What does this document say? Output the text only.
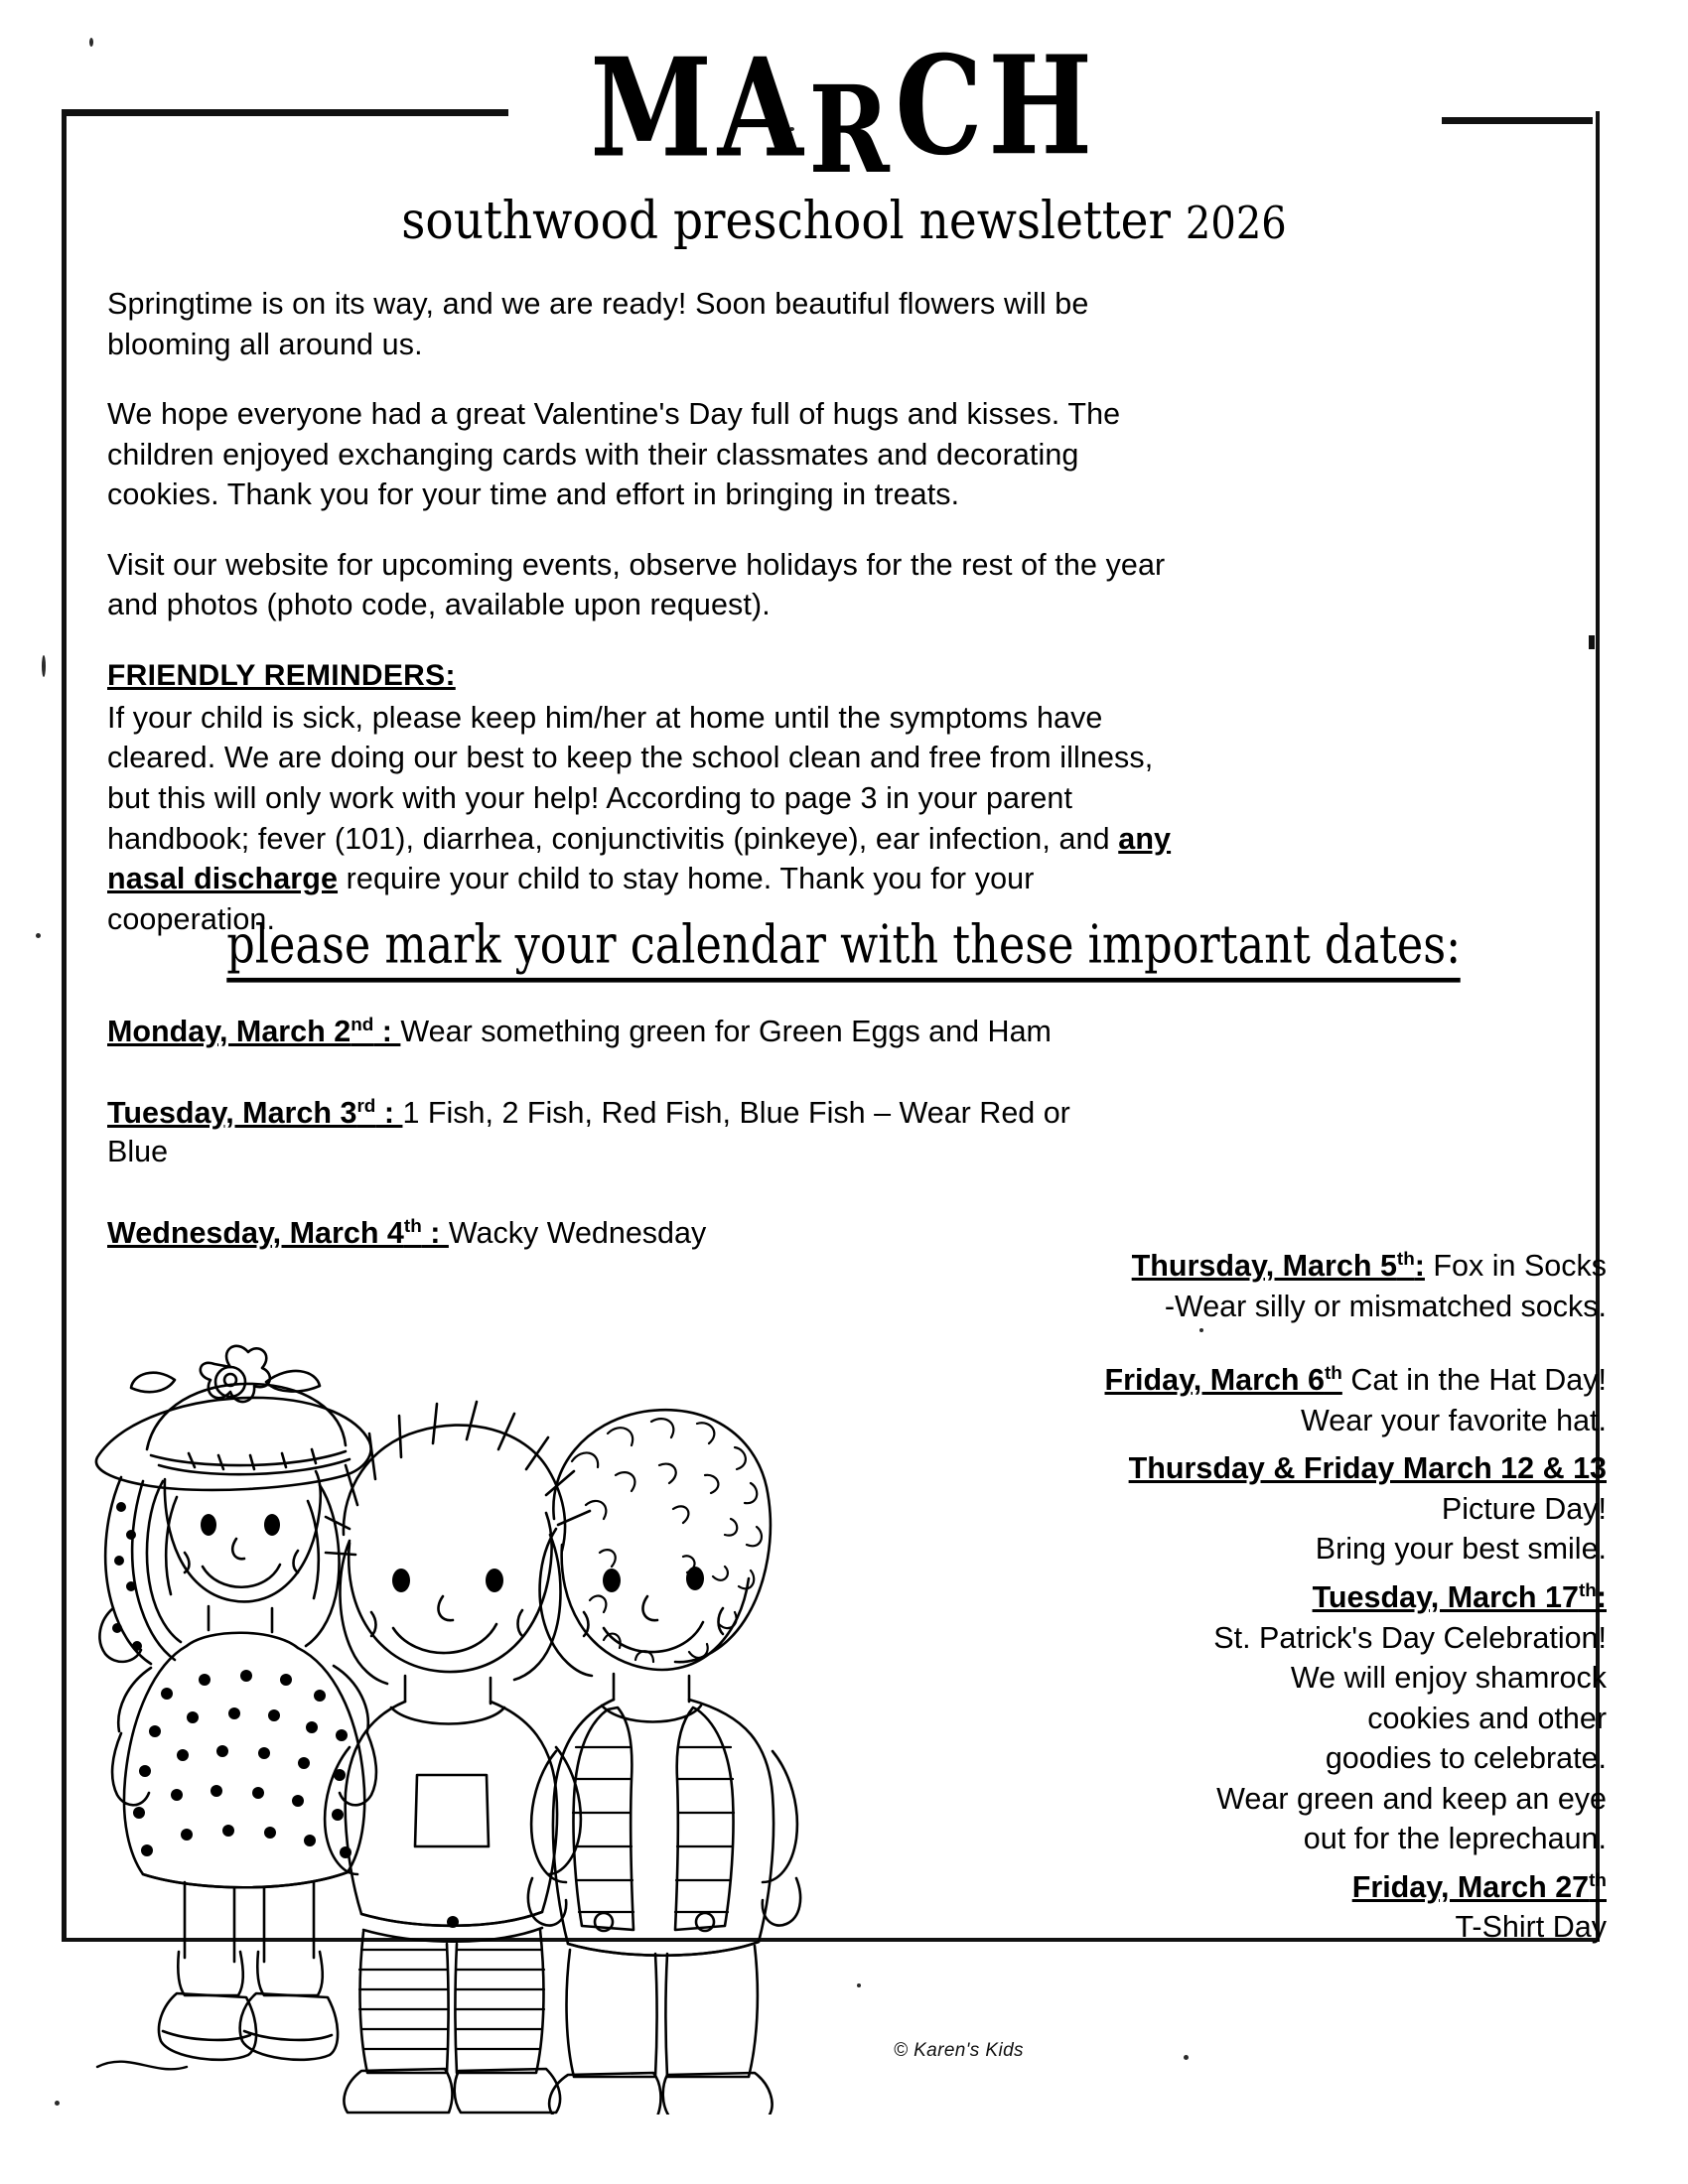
MARCH
southwood preschool newsletter 2026

Springtime is on its way, and we are ready! Soon beautiful flowers will be blooming all around us.

We hope everyone had a great Valentine's Day full of hugs and kisses. The children enjoyed exchanging cards with their classmates and decorating cookies. Thank you for your time and effort in bringing in treats.

Visit our website for upcoming events, observe holidays for the rest of the year and photos (photo code, available upon request).

FRIENDLY REMINDERS:
If your child is sick, please keep him/her at home until the symptoms have cleared. We are doing our best to keep the school clean and free from illness, but this will only work with your help! According to page 3 in your parent handbook; fever (101), diarrhea, conjunctivitis (pinkeye), ear infection, and any nasal discharge require your child to stay home. Thank you for your cooperation.

please mark your calendar with these important dates:
Monday, March 2nd : Wear something green for Green Eggs and Ham
Tuesday, March 3rd : 1 Fish, 2 Fish, Red Fish, Blue Fish – Wear Red or Blue
Wednesday, March 4th : Wacky Wednesday
Thursday, March 5th: Fox in Socks
-Wear silly or mismatched socks.
Friday, March 6th Cat in the Hat Day!
Wear your favorite hat.
Thursday & Friday March 12 & 13
Picture Day!
Bring your best smile.
Tuesday, March 17th:
St. Patrick's Day Celebration!
We will enjoy shamrock
cookies and other
goodies to celebrate.
Wear green and keep an eye
out for the leprechaun.
Friday, March 27th
T-Shirt Day
© Karen's Kids
